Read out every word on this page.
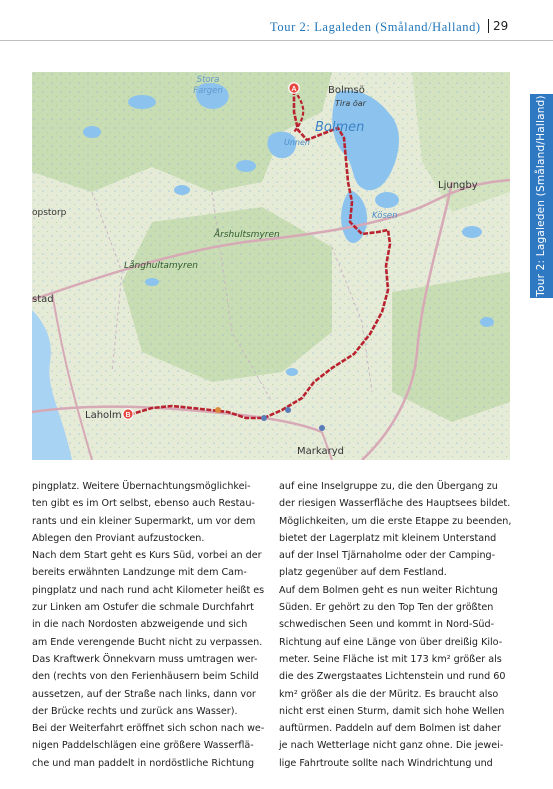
Tour 2: Lagaleden (Småland/Halland) 29
Tour 2: Lagaleden (Småland/Halland)
A
B
Stora
Fargen	Bolmsö
Tira öar
Bolmen
Unnen
Ljungby
Kösen
opstorp
Årshultsmyren
Långhultamyren
stad
Laholm
Markaryd
pingplatz. Weitere Übernachtungsmöglichkei-
ten gibt es im Ort selbst, ebenso auch Restau-
rants und ein kleiner Supermarkt, um vor dem
Ablegen den Proviant aufzustocken.
Nach dem Start geht es Kurs Süd, vorbei an der
bereits erwähnten Landzunge mit dem Cam-
pingplatz und nach rund acht Kilometer heißt es
zur Linken am Ostufer die schmale Durchfahrt
in die nach Nordosten abzweigende und sich
am Ende verengende Bucht nicht zu verpassen.
Das Kraftwerk Önnekvarn muss umtragen wer-
den (rechts von den Ferienhäusern beim Schild
aussetzen, auf der Straße nach links, dann vor
der Brücke rechts und zurück ans Wasser).
Bei der Weiterfahrt eröffnet sich schon nach we-
nigen Paddelschlägen eine größere Wasserflä-
che und man paddelt in nordöstliche Richtung
auf eine Inselgruppe zu, die den Übergang zu
der riesigen Wasserfläche des Hauptsees bildet.
Möglichkeiten, um die erste Etappe zu beenden,
bietet der Lagerplatz mit kleinem Unterstand
auf der Insel Tjärnaholme oder der Camping-
platz gegenüber auf dem Festland.
Auf dem Bolmen geht es nun weiter Richtung
Süden. Er gehört zu den Top Ten der größten
schwedischen Seen und kommt in Nord-Süd-
Richtung auf eine Länge von über dreißig Kilo-
meter. Seine Fläche ist mit 173 km² größer als
die des Zwergstaates Lichtenstein und rund 60
km² größer als die der Müritz. Es braucht also
nicht erst einen Sturm, damit sich hohe Wellen
auftürmen. Paddeln auf dem Bolmen ist daher
je nach Wetterlage nicht ganz ohne. Die jewei-
lige Fahrtroute sollte nach Windrichtung und
